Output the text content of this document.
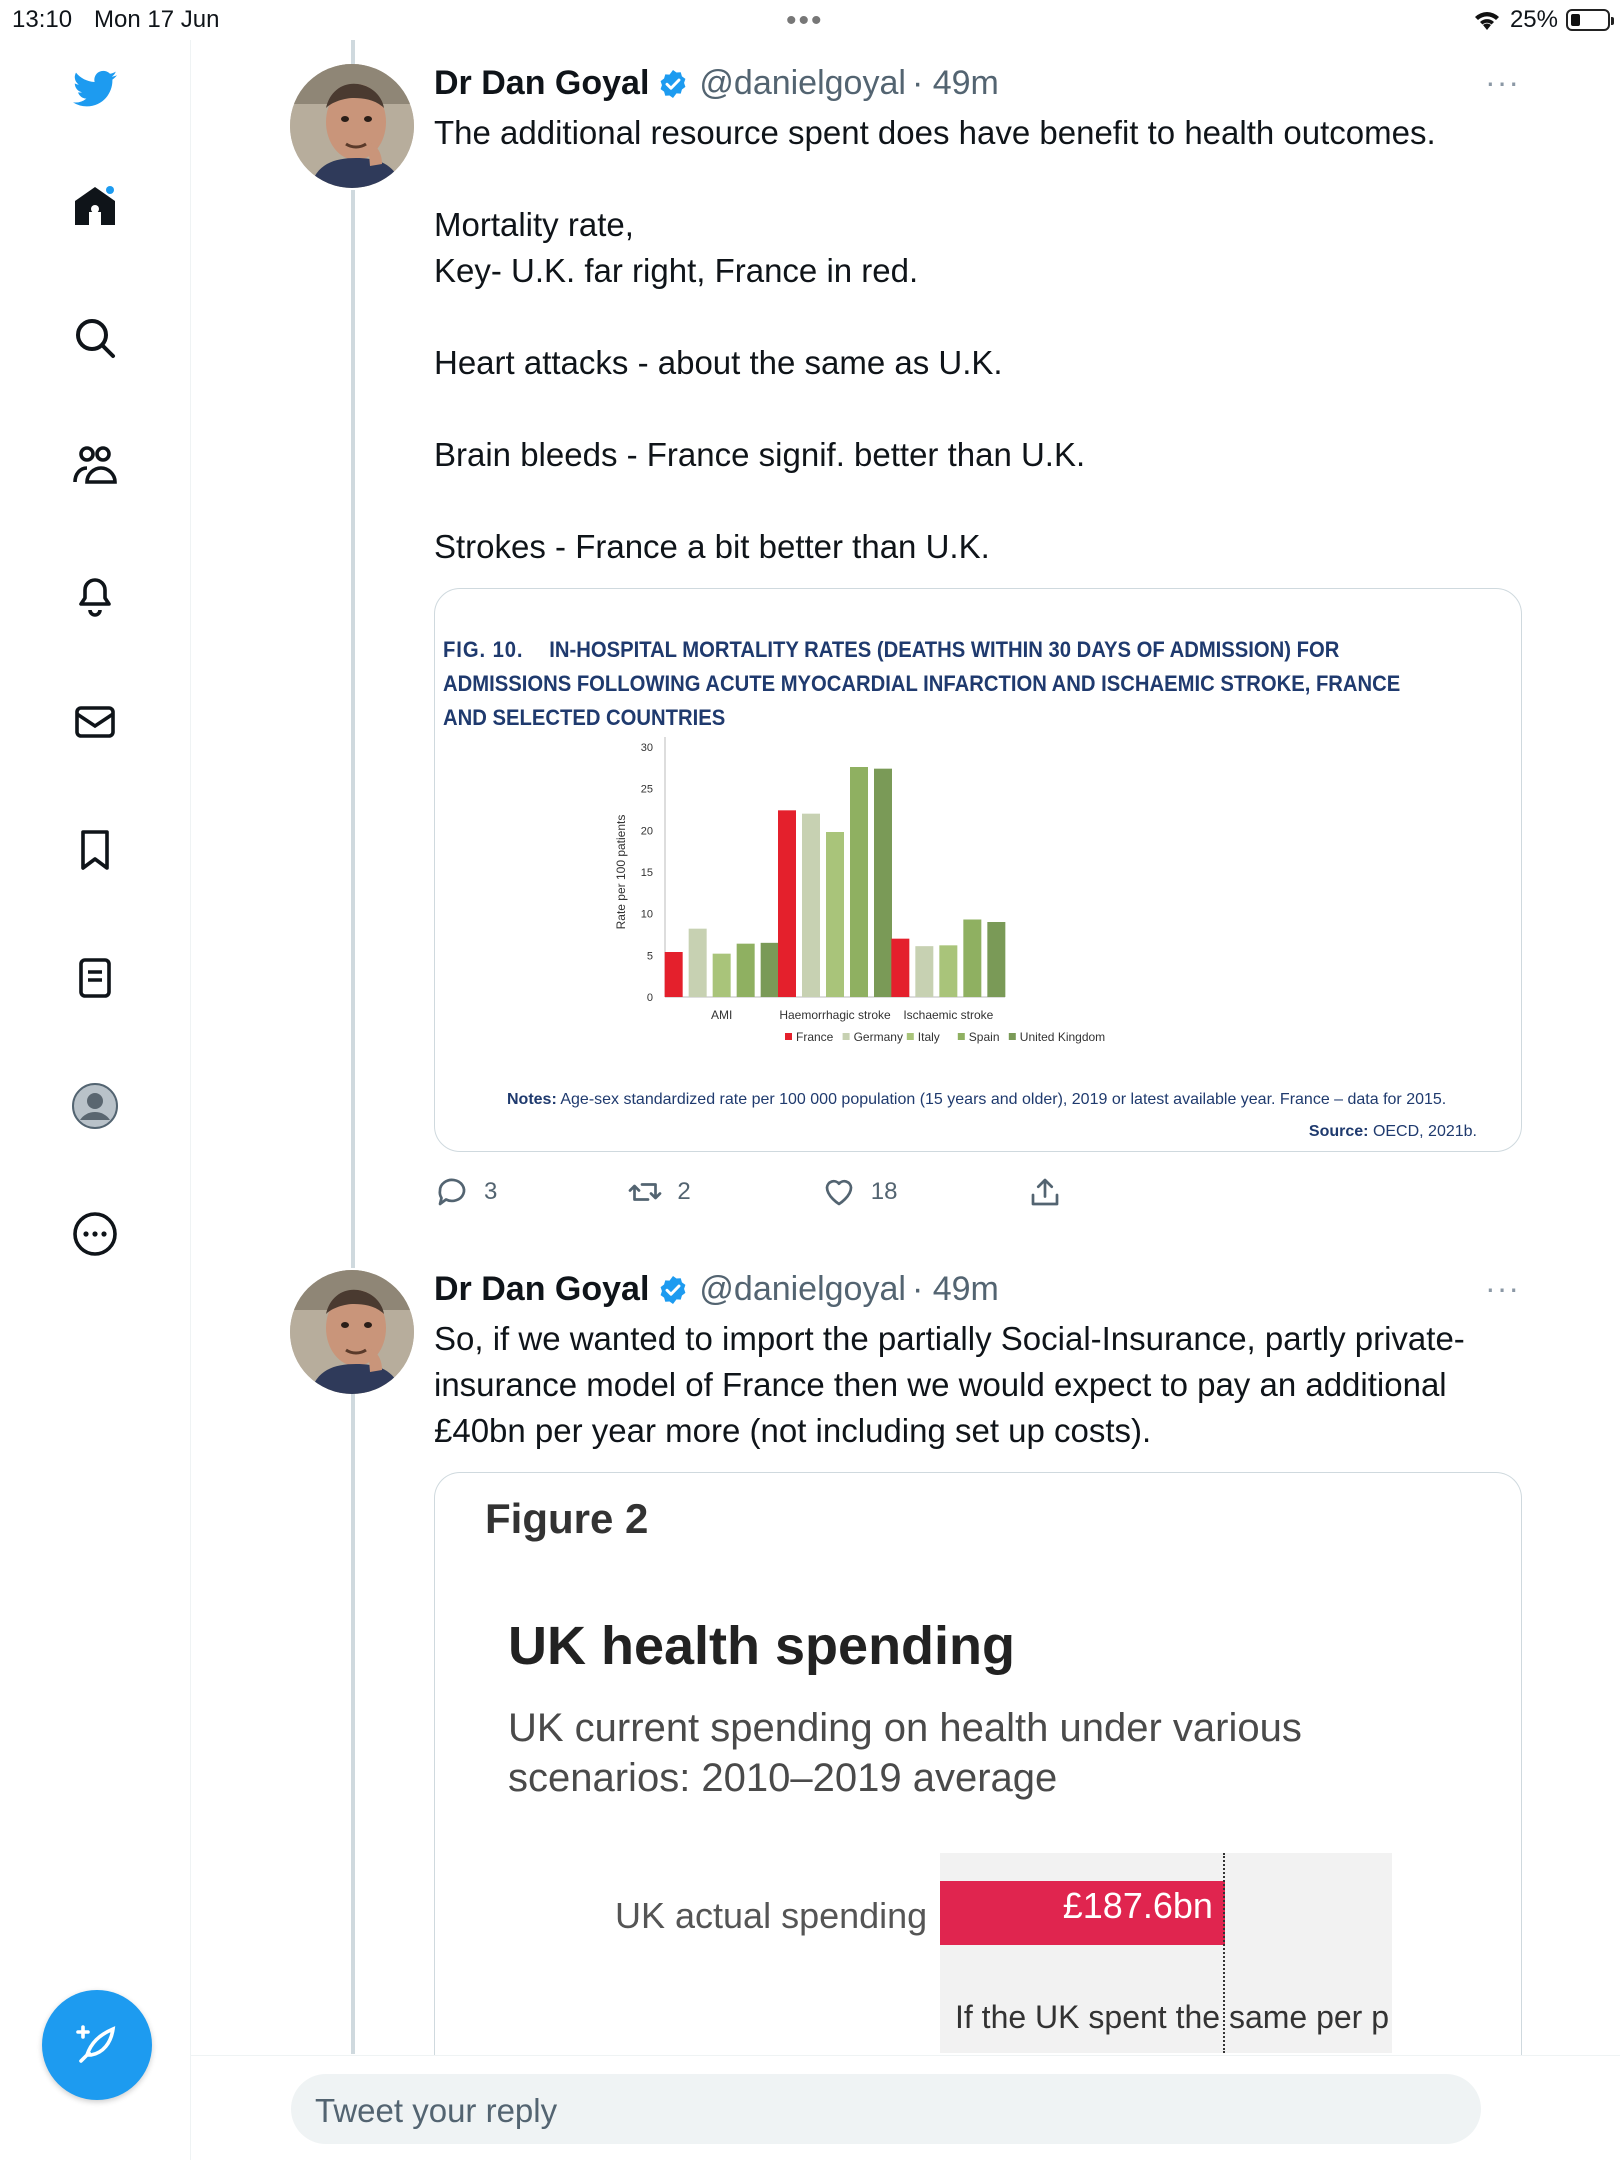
13:10 Mon 17 Jun	•••	25%
Dr Dan Goyal @danielgoyal · 49m	···

The additional resource spent does have benefit to health outcomes.

Mortality rate,

Key- U.K. far right, France in red.

Heart attacks - about the same as U.K.

Brain bleeds - France signif. better than U.K.

Strokes - France a bit better than U.K.

FIG. 10. IN-HOSPITAL MORTALITY RATES (DEATHS WITHIN 30 DAYS OF ADMISSION) FOR ADMISSIONS FOLLOWING ACUTE MYOCARDIAL INFARCTION AND ISCHAEMIC STROKE, FRANCE AND SELECTED COUNTRIES
0
5
10
15
20
25
30
Rate per 100 patients
AMI	Haemorrhagic stroke Ischaemic stroke
France Germany Italy Spain United Kingdom
Notes: Age-sex standardized rate per 100 000 population (15 years and older), 2019 or latest available year. France – data for 2015.
Source: OECD, 2021b.
3	2	18
Dr Dan Goyal @danielgoyal · 49m	···

So, if we wanted to import the partially Social-Insurance, partly private-insurance model of France then we would expect to pay an additional £40bn per year more (not including set up costs).

Figure 2
UK health spending
UK current spending on health under various scenarios: 2010–2019 average
UK actual spending	£187.6bn
If the UK spent the same per p
Tweet your reply
